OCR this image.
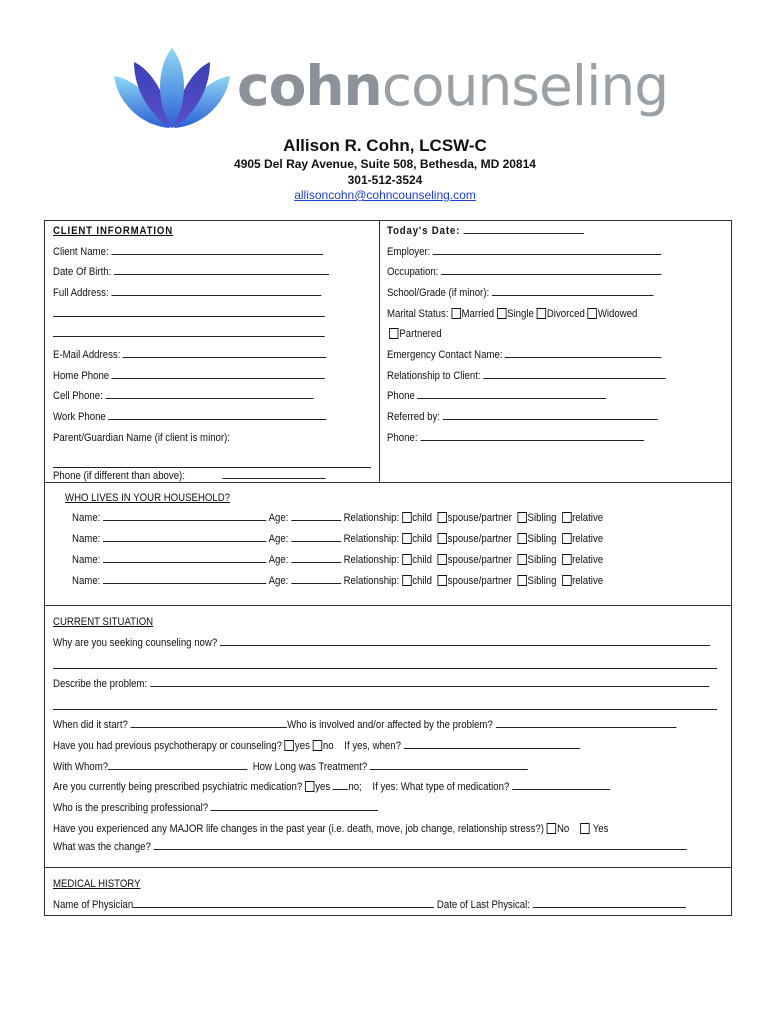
cohncounseling
Allison R. Cohn, LCSW-C
4905 Del Ray Avenue, Suite 508, Bethesda, MD 20814
301-512-3524
allisoncohn@cohncounseling.com
CLIENT INFORMATION	Today's Date:
Client Name:
Date Of Birth:
Full Address:
E-Mail Address:
Home Phone
Cell Phone:
Work Phone
Parent/Guardian Name (if client is minor):
Employer:
Occupation:
School/Grade (if minor):
Emergency Contact Name:
Relationship to Client:
Phone
Referred by:
Phone:
Marital Status: Married Single Divorced Widowed
Partnered
Phone (if different than above):
WHO LIVES IN YOUR HOUSEHOLD?
Name:	Age:	Relationship: child spouse/partner Sibling relative
Name:	Age:	Relationship: child spouse/partner Sibling relative
Name:	Age:	Relationship: child spouse/partner Sibling relative
Name:	Age:	Relationship: child spouse/partner Sibling relative
CURRENT SITUATION
Why are you seeking counseling now?
Describe the problem:
When did it start?	Who is involved and/or affected by the problem?
Have you had previous psychotherapy or counseling? yes no If yes, when?
With Whom?	How Long was Treatment?
Are you currently being prescribed psychiatric medication? yes no; If yes: What type of medication?
Who is the prescribing professional?
Have you experienced any MAJOR life changes in the past year (i.e. death, move, job change, relationship stress?) No Yes
What was the change?
MEDICAL HISTORY
Name of Physician	Date of Last Physical:
